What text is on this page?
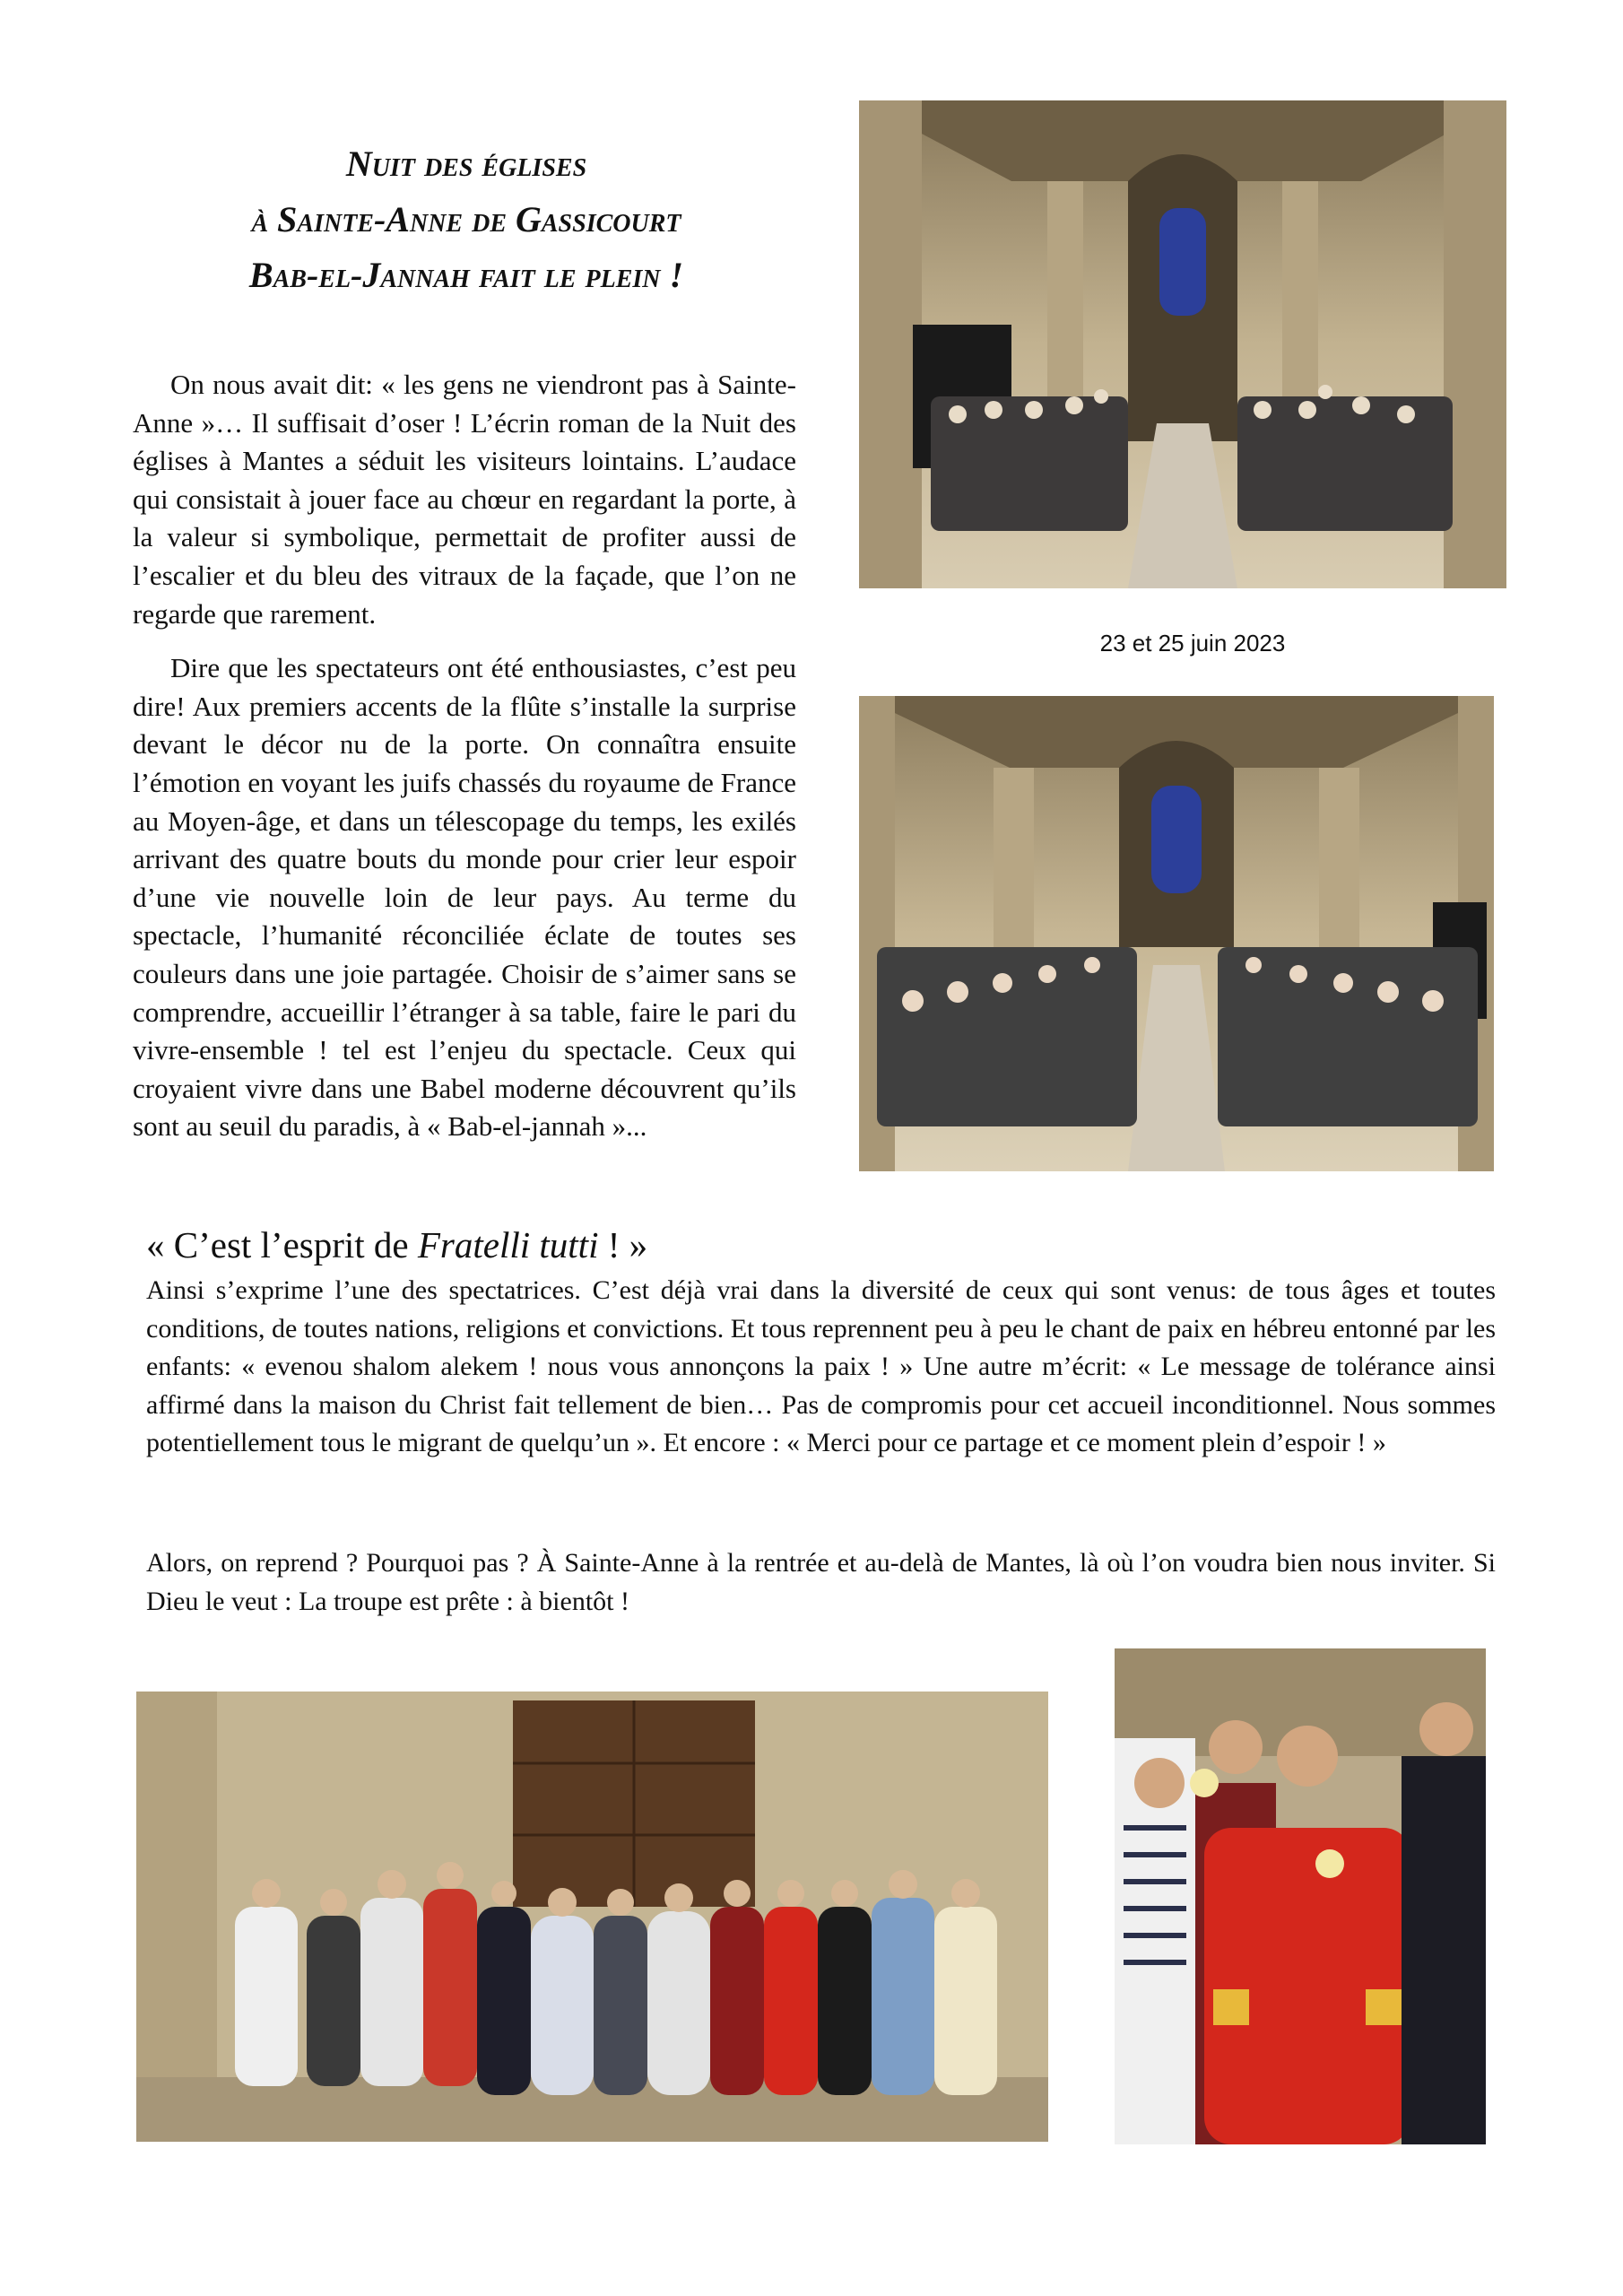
Nuit des églises
à Sainte-Anne de Gassicourt
Bab-el-Jannah fait le plein !

On nous avait dit: « les gens ne viendront pas à Sainte-Anne »… Il suffisait d’oser ! L’écrin roman de la Nuit des églises à Mantes a séduit les visiteurs lointains. L’audace qui consistait à jouer face au chœur en regardant la porte, à la valeur si symbolique, permettait de profiter aussi de l’escalier et du bleu des vitraux de la façade, que l’on ne regarde que rarement.

Dire que les spectateurs ont été enthousiastes, c’est peu dire! Aux premiers accents de la flûte s’installe la surprise devant le décor nu de la porte. On connaîtra ensuite l’émotion en voyant les juifs chassés du royaume de France au Moyen-âge, et dans un télescopage du temps, les exilés arrivant des quatre bouts du monde pour crier leur espoir d’une vie nouvelle loin de leur pays. Au terme du spectacle, l’humanité réconciliée éclate de toutes ses couleurs dans une joie partagée. Choisir de s’aimer sans se comprendre, accueillir l’étranger à sa table, faire le pari du vivre-ensemble ! tel est l’enjeu du spectacle. Ceux qui croyaient vivre dans une Babel moderne découvrent qu’ils sont au seuil du paradis, à « Bab-el-jannah »...

23 et 25 juin 2023
« C’est l’esprit de Fratelli tutti ! »

Ainsi s’exprime l’une des spectatrices. C’est déjà vrai dans la diversité de ceux qui sont venus: de tous âges et toutes conditions, de toutes nations, religions et convictions. Et tous reprennent peu à peu le chant de paix en hébreu entonné par les enfants: « evenou shalom alekem ! nous vous annonçons la paix ! » Une autre m’écrit: « Le message de tolérance ainsi affirmé dans la maison du Christ fait tellement de bien… Pas de compromis pour cet accueil inconditionnel. Nous sommes potentiellement tous le migrant de quelqu’un ». Et encore : « Merci pour ce partage et ce moment plein d’espoir ! »

Alors, on reprend ? Pourquoi pas ? À Sainte-Anne à la rentrée et au-delà de Mantes, là où l’on voudra bien nous inviter. Si Dieu le veut : La troupe est prête : à bientôt !
